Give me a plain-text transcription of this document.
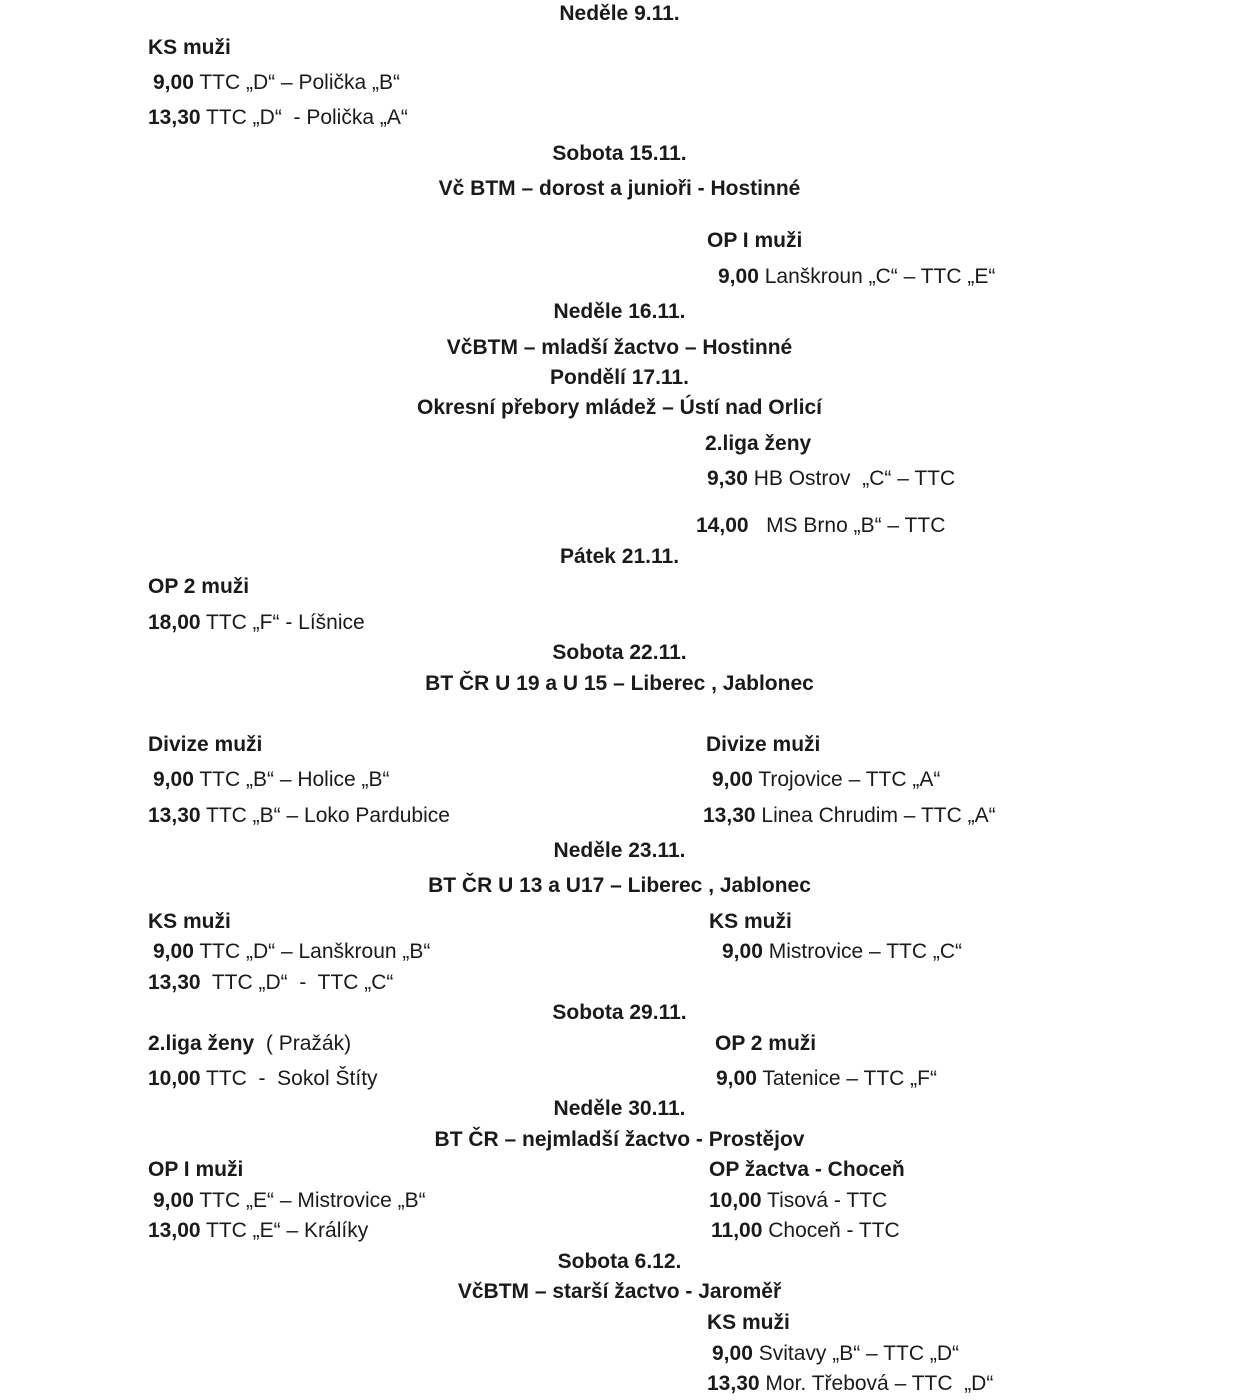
Neděle 9.11.
KS muži
9,00 TTC „D“ – Polička „B“
13,30 TTC „D“  - Polička „A“
Sobota 15.11.
Vč BTM – dorost a junioři - Hostinné
OP I muži
9,00 Lanškroun „C“ – TTC „E“
Neděle 16.11.
VčBTM – mladší žactvo – Hostinné
Pondělí 17.11.
Okresní přebory mládež – Ústí nad Orlicí
2.liga ženy
9,30 HB Ostrov  „C“ – TTC
14,00   MS Brno „B“ – TTC
Pátek 21.11.
OP 2 muži
18,00 TTC „F“ - Líšnice
Sobota 22.11.
BT ČR U 19 a U 15 – Liberec , Jablonec
Divize muži	Divize muži
9,00 TTC „B“ – Holice „B“	9,00 Trojovice – TTC „A“
13,30 TTC „B“ – Loko Pardubice	13,30 Linea Chrudim – TTC „A“
Neděle 23.11.
BT ČR U 13 a U17 – Liberec , Jablonec
KS muži	KS muži
9,00 TTC „D“ – Lanškroun „B“	9,00 Mistrovice – TTC „C“
13,30  TTC „D“  -  TTC „C“
Sobota 29.11.
2.liga ženy  ( Pražák)	OP 2 muži
10,00 TTC  -  Sokol Štíty	9,00 Tatenice – TTC „F“
Neděle 30.11.
BT ČR – nejmladší žactvo - Prostějov
OP I muži	OP žactva - Choceň
9,00 TTC „E“ – Mistrovice „B“	10,00 Tisová - TTC
13,00 TTC „E“ – Králíky	11,00 Choceň - TTC
Sobota 6.12.
VčBTM – starší žactvo - Jaroměř
KS muži
9,00 Svitavy „B“ – TTC „D“
13,30 Mor. Třebová – TTC  „D“
